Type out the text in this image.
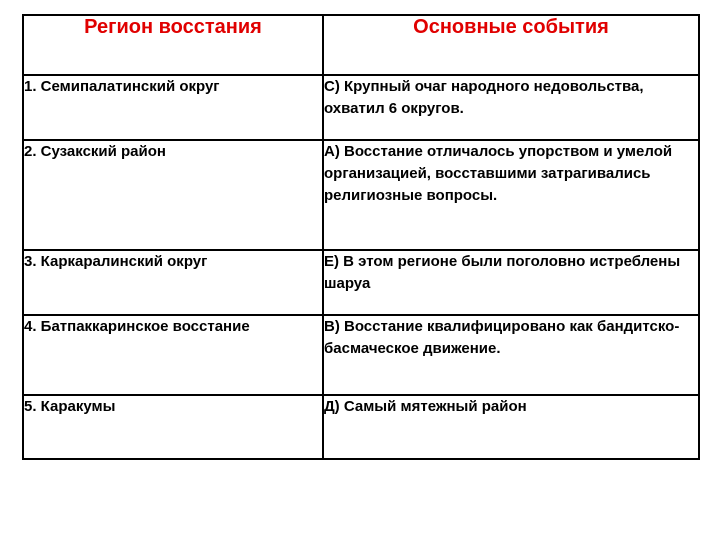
Регион восстания	Основные события
1. Семипалатинский округ	С) Крупный очаг народного недовольства, охватил 6 округов.
2. Сузакский район	А) Восстание отличалось упорством и умелой организацией, восставшими затрагивались религиозные вопросы.
3. Каркаралинский округ	Е) В этом регионе были поголовно истреблены шаруа
4. Батпаккаринское восстание	В) Восстание квалифицировано как бандитско-басмаческое движение.
5. Каракумы	Д) Самый мятежный район
